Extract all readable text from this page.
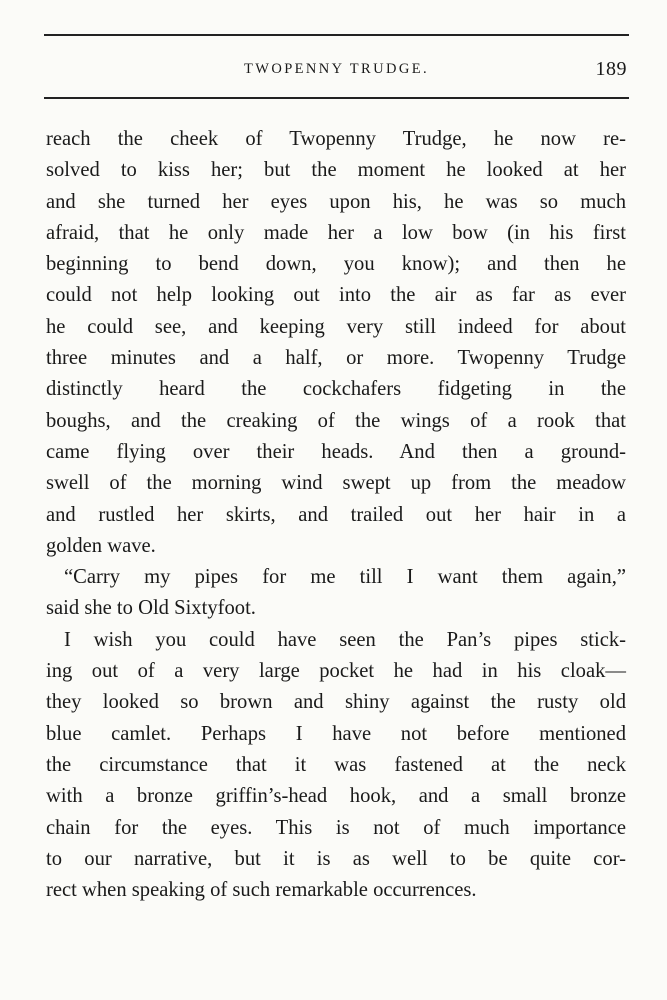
TWOPENNY TRUDGE.	189
reach the cheek of Twopenny Trudge, he now re-
solved to kiss her; but the moment he looked at her
and she turned her eyes upon his, he was so much
afraid, that he only made her a low bow (in his first
beginning to bend down, you know); and then he
could not help looking out into the air as far as ever
he could see, and keeping very still indeed for about
three minutes and a half, or more. Twopenny Trudge
distinctly heard the cockchafers fidgeting in the
boughs, and the creaking of the wings of a rook that
came flying over their heads. And then a ground-
swell of the morning wind swept up from the meadow
and rustled her skirts, and trailed out her hair in a
golden wave.
“Carry my pipes for me till I want them again,”
said she to Old Sixtyfoot.
I wish you could have seen the Pan’s pipes stick-
ing out of a very large pocket he had in his cloak—
they looked so brown and shiny against the rusty old
blue camlet. Perhaps I have not before mentioned
the circumstance that it was fastened at the neck
with a bronze griffin’s-head hook, and a small bronze
chain for the eyes. This is not of much importance
to our narrative, but it is as well to be quite cor-
rect when speaking of such remarkable occurrences.
